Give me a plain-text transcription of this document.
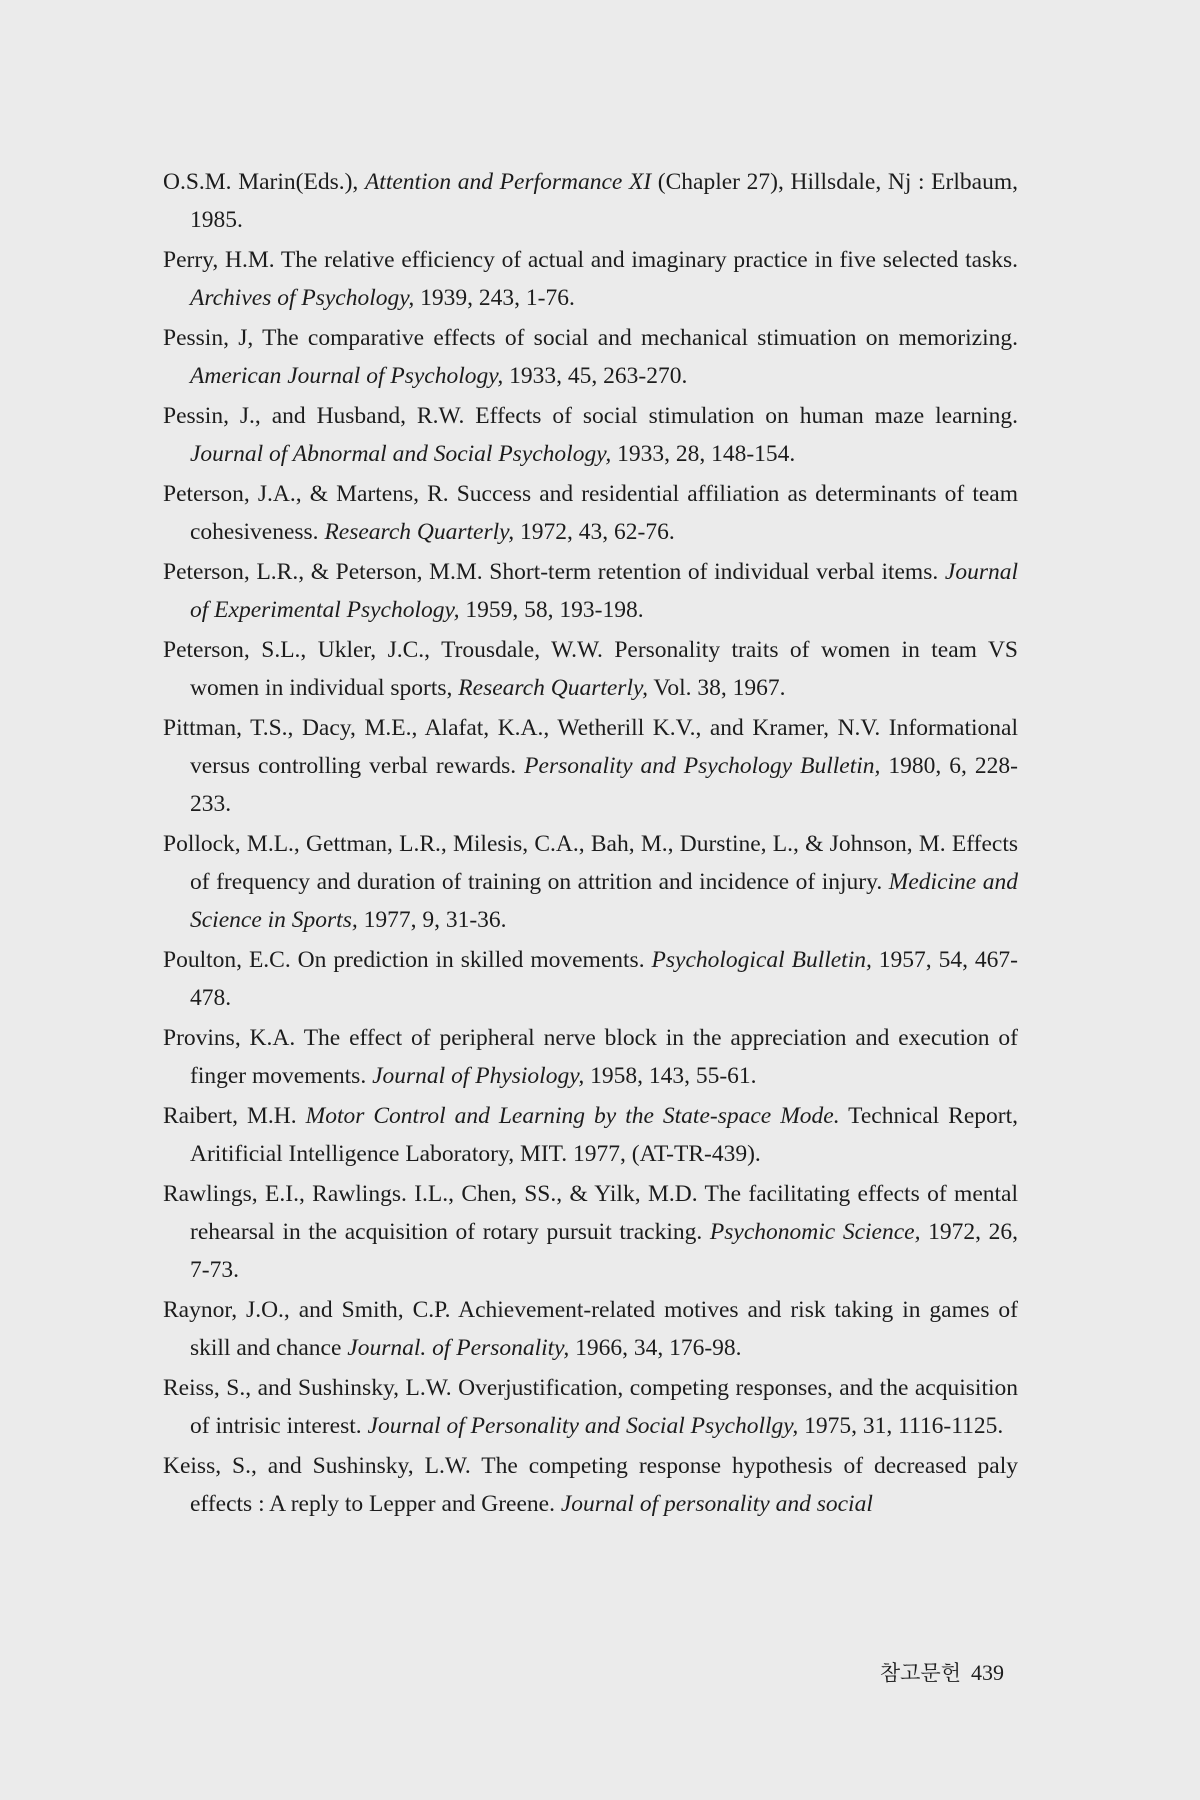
O.S.M. Marin(Eds.), Attention and Performance XI (Chapler 27), Hillsdale, Nj : Erlbaum, 1985.

Perry, H.M. The relative efficiency of actual and imaginary practice in five selected tasks. Archives of Psychology, 1939, 243, 1-76.

Pessin, J, The comparative effects of social and mechanical stimuation on memorizing. American Journal of Psychology, 1933, 45, 263-270.

Pessin, J., and Husband, R.W. Effects of social stimulation on human maze learning. Journal of Abnormal and Social Psychology, 1933, 28, 148-154.

Peterson, J.A., & Martens, R. Success and residential affiliation as determinants of team cohesiveness. Research Quarterly, 1972, 43, 62-76.

Peterson, L.R., & Peterson, M.M. Short-term retention of individual verbal items. Journal of Experimental Psychology, 1959, 58, 193-198.

Peterson, S.L., Ukler, J.C., Trousdale, W.W. Personality traits of women in team VS women in individual sports, Research Quarterly, Vol. 38, 1967.

Pittman, T.S., Dacy, M.E., Alafat, K.A., Wetherill K.V., and Kramer, N.V. Informational versus controlling verbal rewards. Personality and Psychology Bulletin, 1980, 6, 228-233.

Pollock, M.L., Gettman, L.R., Milesis, C.A., Bah, M., Durstine, L., & Johnson, M. Effects of frequency and duration of training on attrition and incidence of injury. Medicine and Science in Sports, 1977, 9, 31-36.

Poulton, E.C. On prediction in skilled movements. Psychological Bulletin, 1957, 54, 467-478.

Provins, K.A. The effect of peripheral nerve block in the appreciation and execution of finger movements. Journal of Physiology, 1958, 143, 55-61.

Raibert, M.H. Motor Control and Learning by the State-space Mode. Technical Report, Aritificial Intelligence Laboratory, MIT. 1977, (AT-TR-439).

Rawlings, E.I., Rawlings. I.L., Chen, SS., & Yilk, M.D. The facilitating effects of mental rehearsal in the acquisition of rotary pursuit tracking. Psychonomic Science, 1972, 26, 7-73.

Raynor, J.O., and Smith, C.P. Achievement-related motives and risk taking in games of skill and chance Journal. of Personality, 1966, 34, 176-98.

Reiss, S., and Sushinsky, L.W. Overjustification, competing responses, and the acquisition of intrisic interest. Journal of Personality and Social Psychollgy, 1975, 31, 1116-1125.

Keiss, S., and Sushinsky, L.W. The competing response hypothesis of decreased paly effects : A reply to Lepper and Greene. Journal of personality and social

참고문헌 439
